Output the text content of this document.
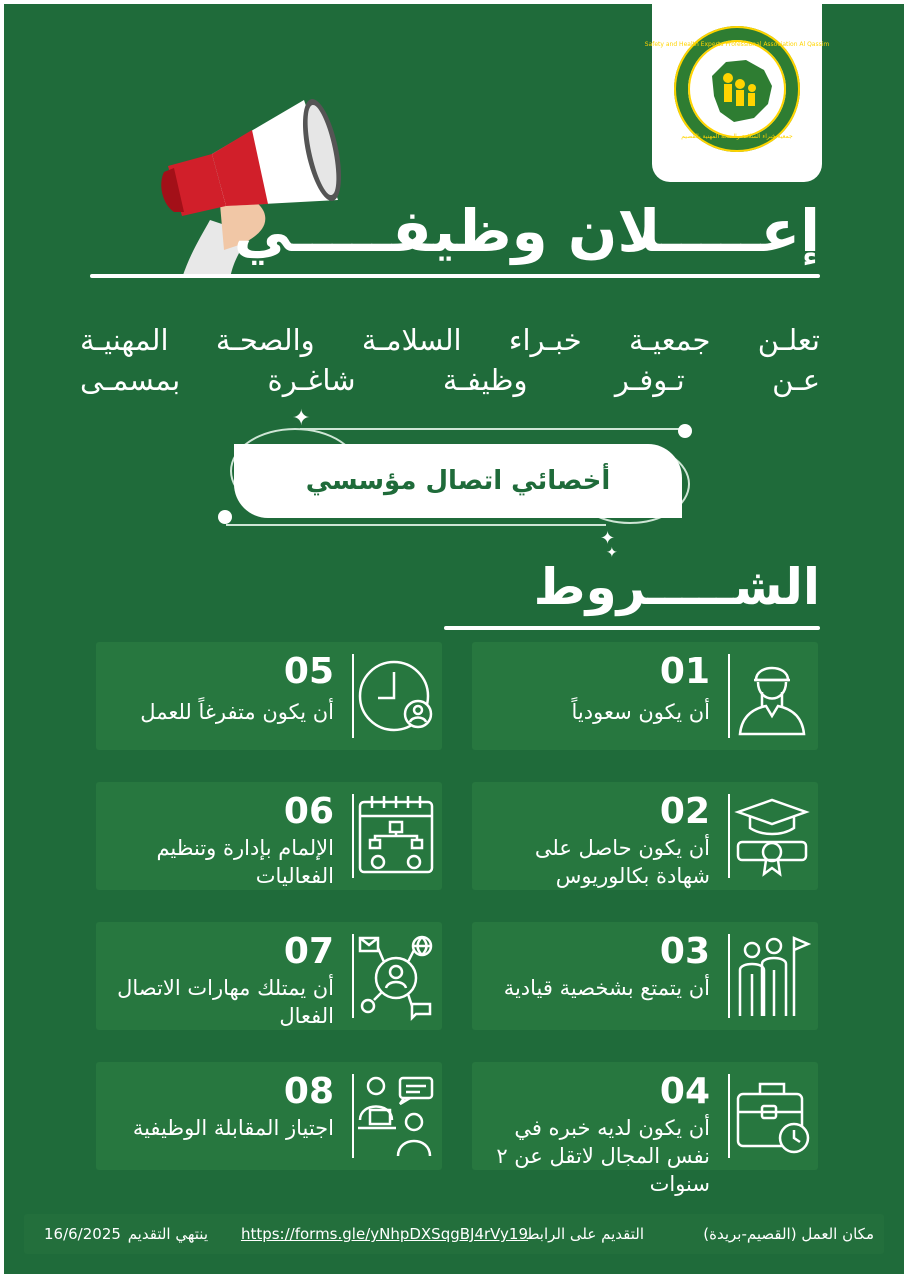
Safety and Health Experts Professional Association Al Qassim
جمعية خبراء السلامة والصحة المهنية بالقصيم
إعـــــلان وظيفـــــي
تعلـن جمعيـة خبـراء السلامـة والصحـة المهنيـة
عـن تـوفـر وظيفـة شاغـرة بمسمـى
✦
✦
✦
أخصائي اتصال مؤسسي
الشـــــروط
01
أن يكون سعودياً
02
أن يكون حاصل على شهادة بكالوريوس
03
أن يتمتع بشخصية قيادية
04
أن يكون لديه خبره في نفس المجال لاتقل عن ٢ سنوات
05
أن يكون متفرغاً للعمل
06
الإلمام بإدارة وتنظيم الفعاليات
07
أن يمتلك مهارات الاتصال الفعال
08
اجتياز المقابلة الوظيفية
مكان العمل (القصيم-بريدة)
التقديم على الرابط
https://forms.gle/yNhpDXSqgBJ4rVy19
ينتهي التقديم
16/6/2025
